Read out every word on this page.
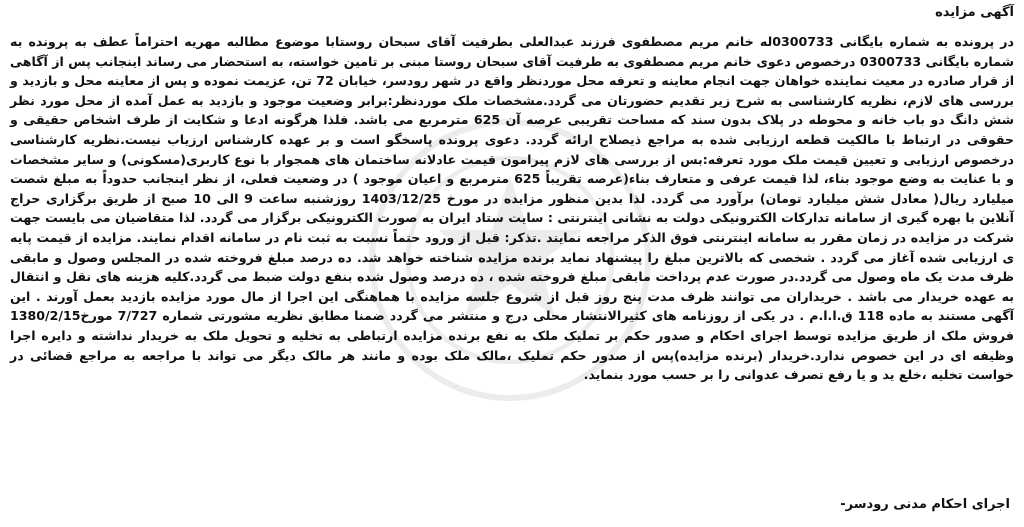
آگهی مزایده

در پرونده به شماره بایگانی 0300733له خانم مریم مصطفوی فرزند عبدالعلی بطرفیت آقای سبحان روستابا موضوع مطالبه مهریه احتراماً عطف به پرونده به شماره بایگانی 0300733 درخصوص دعوی خانم مریم مصطفوی به طرفیت آقای سبحان روستا مبنی بر تامین خواسته، به استحضار می رساند اینجانب پس از آگاهی از قرار صادره در معیت نماینده خواهان جهت انجام معاینه و تعرفه محل موردنظر واقع در شهر رودسر، خیابان 72 تن، عزیمت نموده و پس از معاینه محل و بازدید و بررسی های لازم، نظریه کارشناسی به شرح زیر تقدیم حضورتان می گردد.مشخصات ملک موردنظر:برابر وضعیت موجود و بازدید به عمل آمده از محل مورد نظر شش دانگ دو باب خانه و محوطه در پلاک بدون سند که مساحت تقریبی عرصه آن 625 مترمربع می باشد. فلذا هرگونه ادعا و شکایت از طرف اشخاص حقیقی و حقوقی در ارتباط با مالکیت قطعه ارزیابی شده به مراجع ذیصلاح ارائه گردد. دعوی پرونده پاسخگو است و بر عهده کارشناس ارزیاب نیست.نظریه کارشناسی درخصوص ارزیابی و تعیین قیمت ملک مورد تعرفه:بس از بررسی های لازم پیرامون قیمت عادلانه ساختمان های همجوار با نوع کاربری(مسکونی) و سایر مشخصات و با عنایت به وضع موجود بناء، لذا قیمت عرفی و متعارف بناء(عرصه تقریباً 625 مترمربع و اعیان موجود ) در وضعیت فعلی، از نظر اینجانب حدوداً به مبلغ شصت میلیارد ریال( معادل شش میلیارد تومان) برآورد می گردد. لذا بدین منظور مزایده در مورخ 1403/12/25 روزشنبه ساعت 9 الی 10 صبح از طریق برگزاری حراج آنلاین با بهره گیری از سامانه تدارکات الکترونیکی دولت به نشانی اینترنتی : سایت ستاد ایران به صورت الکترونیکی برگزار می گردد. لذا متقاضیان می بایست جهت شرکت در مزایده در زمان مقرر به سامانه اینترنتی فوق الذکر مراجعه نمایند .تذکر: قبل از ورود حتماً نسبت به ثبت نام در سامانه اقدام نمایند. مزایده از قیمت پایه ی ارزیابی شده آغاز می گردد . شخصی که بالاترین مبلغ را پیشنهاد نماید برنده مزایده شناخته خواهد شد. ده درصد مبلغ فروخته شده در المجلس وصول و مابقی ظرف مدت یک ماه وصول می گردد.در صورت عدم پرداخت مابقی مبلغ فروخته شده ، ده درصد وصول شده بنفع دولت ضبط می گردد.کلیه هزینه های نقل و انتقال به عهده خریدار می باشد . خریداران می توانند ظرف مدت پنج روز قبل از شروع جلسه مزایده با هماهنگی این اجرا از مال مورد مزایده بازدید بعمل آورند . این آگهی مستند به ماده 118 ق.ا.ا.م . در یکی از روزنامه های کثیرالانتشار محلی درج و منتشر می گردد ضمنا مطابق نظریه مشورتی شماره 7/727 مورخ1380/2/15 فروش ملک از طریق مزایده توسط اجرای احکام و صدور حکم بر تملیک ملک به نفع برنده مزایده ارتباطی به تخلیه و تحویل ملک به خریدار نداشته و دایره اجرا وظیفه ای در این خصوص ندارد.خریدار (برنده مزایده)پس از صدور حکم تملیک ،مالک ملک بوده و مانند هر مالک دیگر می تواند با مراجعه به مراجع قضائی در خواست تخلیه ،خلع ید و یا رفع تصرف عدوانی را بر حسب مورد بنماید.

اجرای احکام مدنی رودسر-
